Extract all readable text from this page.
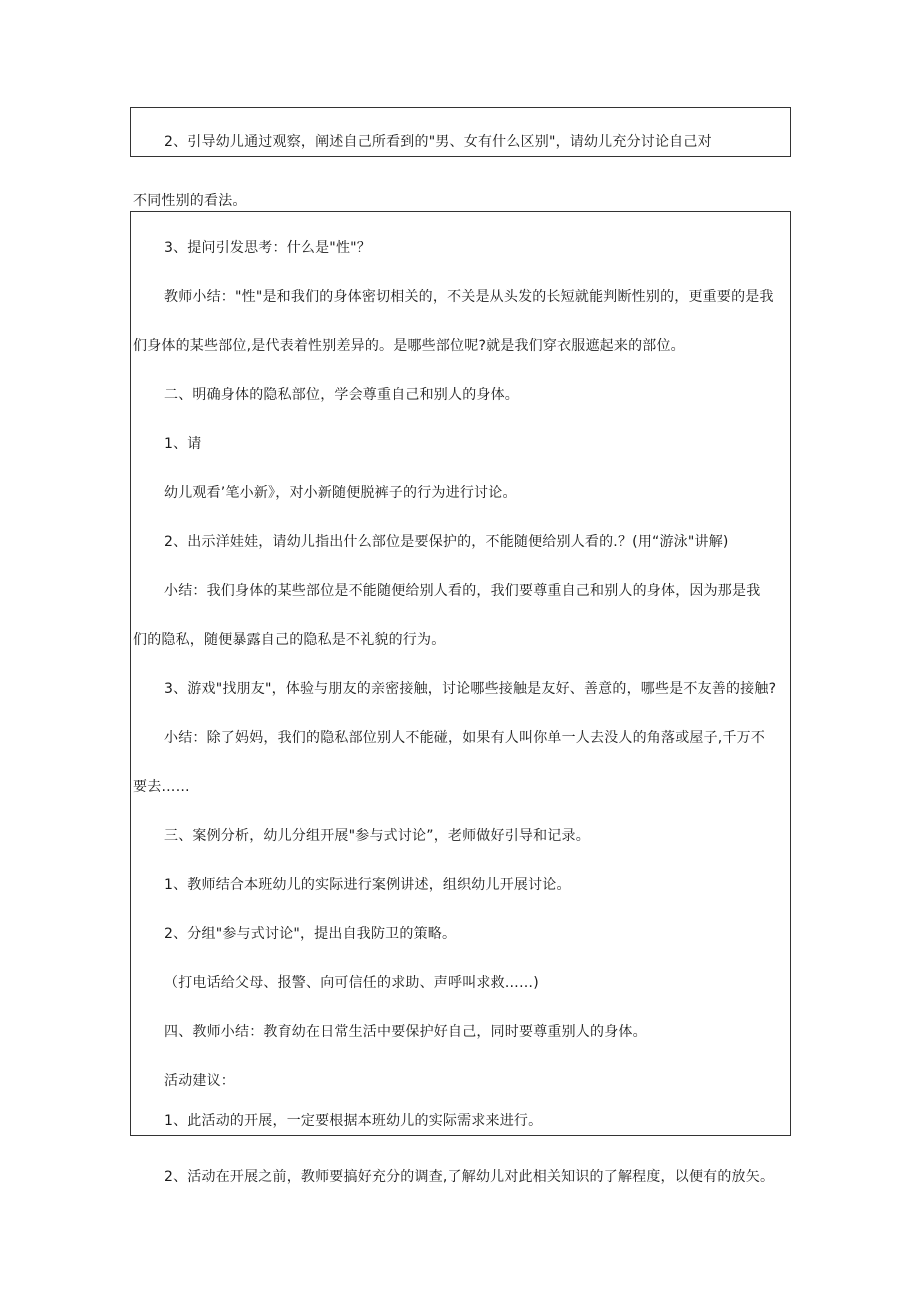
2、引导幼儿通过观察，阐述自己所看到的"男、女有什么区别"，请幼儿充分讨论自己对
不同性别的看法。
3、提问引发思考：什么是"性"？
教师小结："性"是和我们的身体密切相关的，不关是从头发的长短就能判断性别的，更重要的是我
们身体的某些部位,是代表着性别差异的。是哪些部位呢?就是我们穿衣服遮起来的部位。
二、明确身体的隐私部位，学会尊重自己和别人的身体。
1、请
幼儿观看’笔小新》，对小新随便脱裤子的行为进行讨论。
2、出示洋娃娃，请幼儿指出什么部位是要保护的，不能随便给别人看的.？(用“游泳"讲解)
小结：我们身体的某些部位是不能随便给别人看的，我们要尊重自己和别人的身体，因为那是我
们的隐私，随便暴露自己的隐私是不礼貌的行为。
3、游戏"找朋友"，体验与朋友的亲密接触，讨论哪些接触是友好、善意的，哪些是不友善的接触?
小结：除了妈妈，我们的隐私部位别人不能碰，如果有人叫你单一人去没人的角落或屋子,千万不
要去……
三、案例分析，幼儿分组开展"参与式讨论”，老师做好引导和记录。
1、教师结合本班幼儿的实际进行案例讲述，组织幼儿开展讨论。
2、分组"参与式讨论"，提出自我防卫的策略。
（打电话给父母、报警、向可信任的求助、声呼叫求救……)
四、教师小结：教育幼在日常生活中要保护好自己，同时要尊重别人的身体。
活动建议：
1、此活动的开展，一定要根据本班幼儿的实际需求来进行。
2、活动在开展之前，教师要搞好充分的调查,了解幼儿对此相关知识的了解程度，以便有的放矢。
